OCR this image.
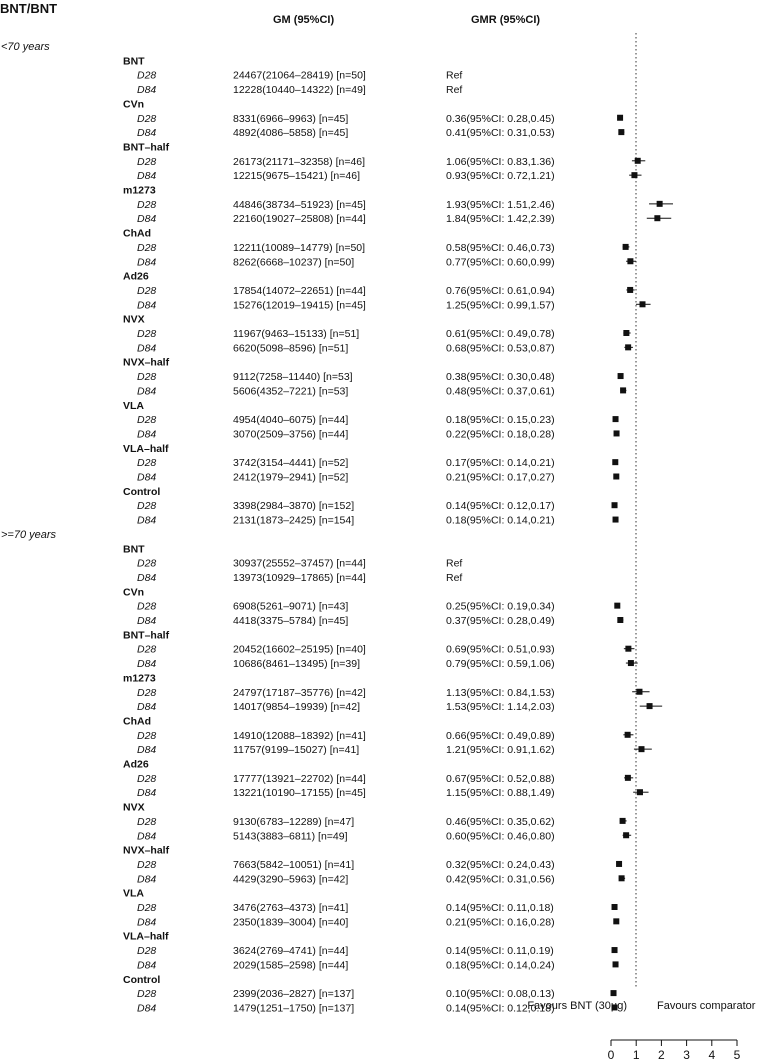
BNT/BNT
GM (95%CI)	GMR (95%CI)
<70 years
BNT
D28	24467(21064–28419) [n=50]	Ref
D84	12228(10440–14322) [n=49]	Ref
CVn
D28	8331(6966–9963) [n=45]	0.36(95%CI: 0.28,0.45)
D84	4892(4086–5858) [n=45]	0.41(95%CI: 0.31,0.53)
BNT–half
D28	26173(21171–32358) [n=46]	1.06(95%CI: 0.83,1.36)
D84	12215(9675–15421) [n=46]	0.93(95%CI: 0.72,1.21)
m1273
D28	44846(38734–51923) [n=45]	1.93(95%CI: 1.51,2.46)
D84	22160(19027–25808) [n=44]	1.84(95%CI: 1.42,2.39)
ChAd
D28	12211(10089–14779) [n=50]	0.58(95%CI: 0.46,0.73)
D84	8262(6668–10237) [n=50]	0.77(95%CI: 0.60,0.99)
Ad26
D28	17854(14072–22651) [n=44]	0.76(95%CI: 0.61,0.94)
D84	15276(12019–19415) [n=45]	1.25(95%CI: 0.99,1.57)
NVX
D28	11967(9463–15133) [n=51]	0.61(95%CI: 0.49,0.78)
D84	6620(5098–8596) [n=51]	0.68(95%CI: 0.53,0.87)
NVX–half
D28	9112(7258–11440) [n=53]	0.38(95%CI: 0.30,0.48)
D84	5606(4352–7221) [n=53]	0.48(95%CI: 0.37,0.61)
VLA
D28	4954(4040–6075) [n=44]	0.18(95%CI: 0.15,0.23)
D84	3070(2509–3756) [n=44]	0.22(95%CI: 0.18,0.28)
VLA–half
D28	3742(3154–4441) [n=52]	0.17(95%CI: 0.14,0.21)
D84	2412(1979–2941) [n=52]	0.21(95%CI: 0.17,0.27)
Control
D28	3398(2984–3870) [n=152]	0.14(95%CI: 0.12,0.17)
D84	2131(1873–2425) [n=154]	0.18(95%CI: 0.14,0.21)
>=70 years
BNT
D28	30937(25552–37457) [n=44]	Ref
D84	13973(10929–17865) [n=44]	Ref
CVn
D28	6908(5261–9071) [n=43]	0.25(95%CI: 0.19,0.34)
D84	4418(3375–5784) [n=45]	0.37(95%CI: 0.28,0.49)
BNT–half
D28	20452(16602–25195) [n=40]	0.69(95%CI: 0.51,0.93)
D84	10686(8461–13495) [n=39]	0.79(95%CI: 0.59,1.06)
m1273
D28	24797(17187–35776) [n=42]	1.13(95%CI: 0.84,1.53)
D84	14017(9854–19939) [n=42]	1.53(95%CI: 1.14,2.03)
ChAd
D28	14910(12088–18392) [n=41]	0.66(95%CI: 0.49,0.89)
D84	11757(9199–15027) [n=41]	1.21(95%CI: 0.91,1.62)
Ad26
D28	17777(13921–22702) [n=44]	0.67(95%CI: 0.52,0.88)
D84	13221(10190–17155) [n=45]	1.15(95%CI: 0.88,1.49)
NVX
D28	9130(6783–12289) [n=47]	0.46(95%CI: 0.35,0.62)
D84	5143(3883–6811) [n=49]	0.60(95%CI: 0.46,0.80)
NVX–half
D28	7663(5842–10051) [n=41]	0.32(95%CI: 0.24,0.43)
D84	4429(3290–5963) [n=42]	0.42(95%CI: 0.31,0.56)
VLA
D28	3476(2763–4373) [n=41]	0.14(95%CI: 0.11,0.18)
D84	2350(1839–3004) [n=40]	0.21(95%CI: 0.16,0.28)
VLA–half
D28	3624(2769–4741) [n=44]	0.14(95%CI: 0.11,0.19)
D84	2029(1585–2598) [n=44]	0.18(95%CI: 0.14,0.24)
Control
D28	2399(2036–2827) [n=137]	0.10(95%CI: 0.08,0.13)
D84	1479(1251–1750) [n=137]	0.14(95%CI: 0.12,0.18)
Favours BNT (30µg)	Favours comparator
0 1 2 3 4 5
